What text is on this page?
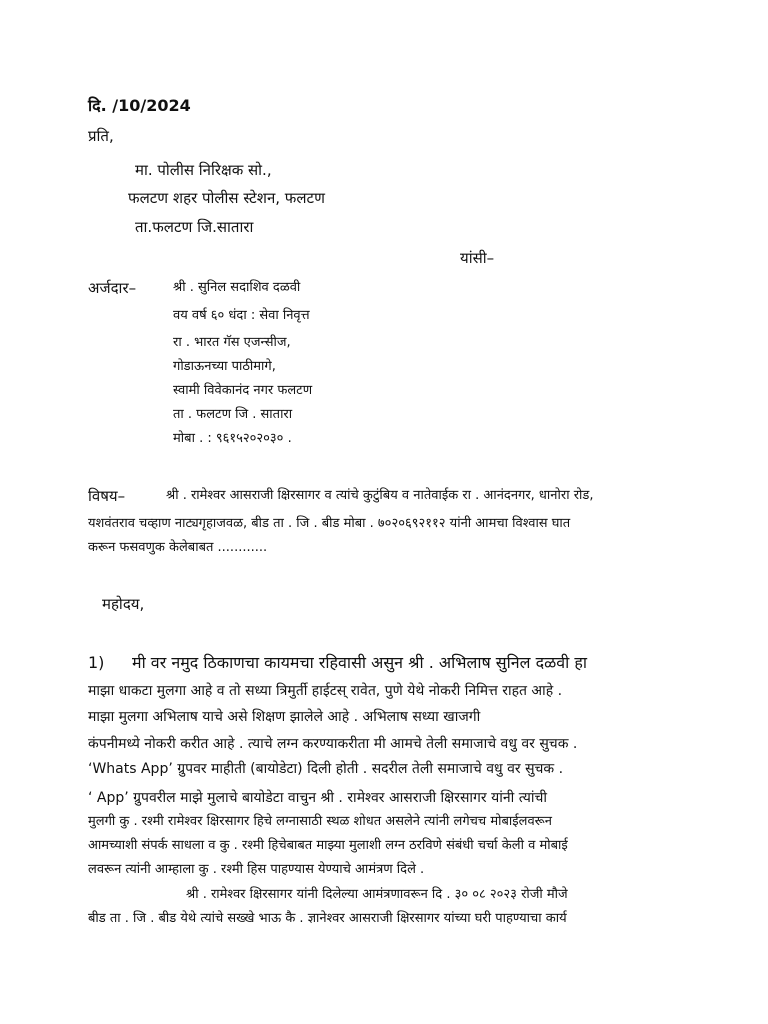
दि. /10/2024
प्रति,
मा. पोलीस निरिक्षक सो.,
फलटण शहर पोलीस स्टेशन, फलटण
ता.फलटण जि.सातारा
यांसी–
अर्जदार–	श्री . सुनिल सदाशिव दळवी
वय वर्ष ६० धंदा : सेवा निवृत्त
रा . भारत गॅस एजन्सीज,
गोडाऊनच्या पाठीमागे,
स्वामी विवेकानंद नगर फलटण
ता . फलटण जि . सातारा
मोबा . : ९६१५२०२०३० .
विषय–	श्री . रामेश्वर आसराजी क्षिरसागर व त्यांचे कुटुंबिय व नातेवाईक रा . आनंदनगर, धानोरा रोड,
यशवंतराव चव्हाण नाट्यगृहाजवळ, बीड ता . जि . बीड मोबा . ७०२०६९२११२ यांनी आमचा विश्वास घात
करून फसवणुक केलेबाबत ............
महोदय,
1) मी वर नमुद ठिकाणचा कायमचा रहिवासी असुन श्री . अभिलाष सुनिल दळवी हा
माझा धाकटा मुलगा आहे व तो सध्या त्रिमुर्ती हाईटस् रावेत, पुणे येथे नोकरी निमित्त राहत आहे .
माझा मुलगा अभिलाष याचे असे शिक्षण झालेले आहे . अभिलाष सध्या खाजगी
कंपनीमध्ये नोकरी करीत आहे . त्याचे लग्न करण्याकरीता मी आमचे तेली समाजाचे वधु वर सुचक .
‘Whats App’ ग्रुपवर माहीती (बायोडेटा) दिली होती . सदरील तेली समाजाचे वधु वर सुचक .
‘ App’ ग्रुपवरील माझे मुलाचे बायोडेटा वाचुन श्री . रामेश्वर आसराजी क्षिरसागर यांनी त्यांची
मुलगी कु . रश्मी रामेश्वर क्षिरसागर हिचे लग्नासाठी स्थळ शोधत असलेने त्यांनी लगेचच मोबाईलवरून
आमच्याशी संपर्क साधला व कु . रश्मी हिचेबाबत माझ्या मुलाशी लग्न ठरविणे संबंधी चर्चा केली व मोबाई
लवरून त्यांनी आम्हाला कु . रश्मी हिस पाहण्यास येण्याचे आमंत्रण दिले .
श्री . रामेश्वर क्षिरसागर यांनी दिलेल्या आमंत्रणावरून दि . ३० ०८ २०२३ रोजी मौजे
बीड ता . जि . बीड येथे त्यांचे सख्खे भाऊ कै . ज्ञानेश्वर आसराजी क्षिरसागर यांच्या घरी पाहण्याचा कार्य
